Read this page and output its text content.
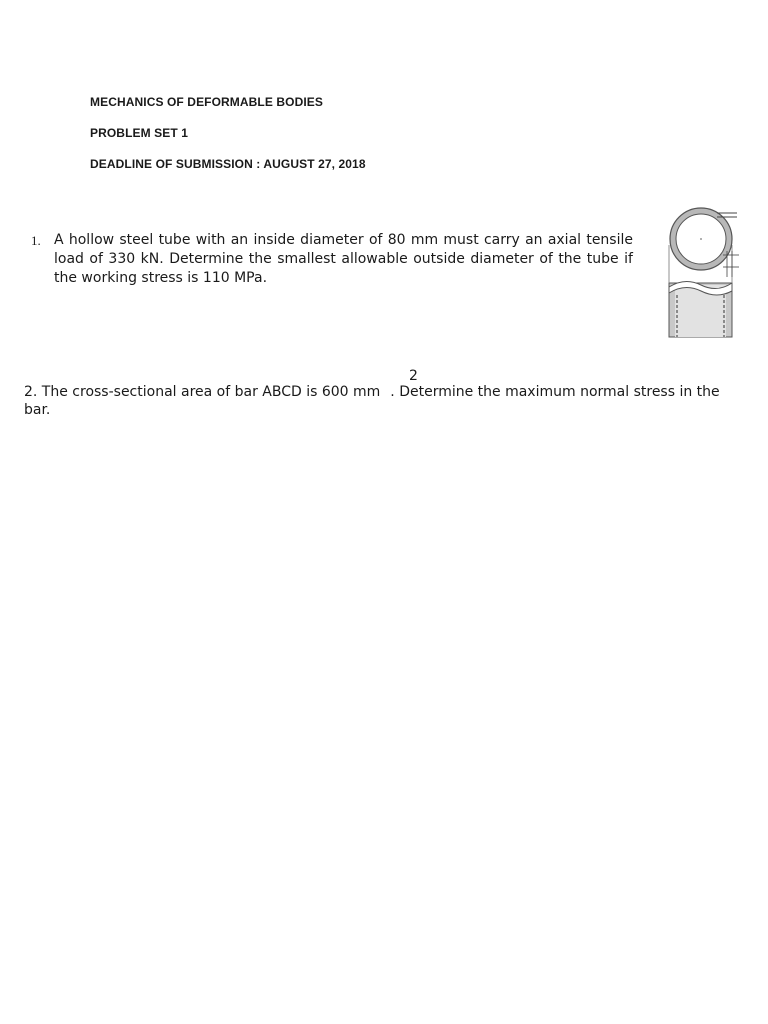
MECHANICS OF DEFORMABLE BODIES
PROBLEM SET 1
DEADLINE OF SUBMISSION : AUGUST 27, 2018
1. A hollow steel tube with an inside diameter of 80 mm must carry an axial tensile load of 330 kN. Determine the smallest allowable outside diameter of the tube if the working stress is 110 MPa.
2
2. The cross-sectional area of bar ABCD is 600 mm . Determine the maximum normal stress in the bar.
